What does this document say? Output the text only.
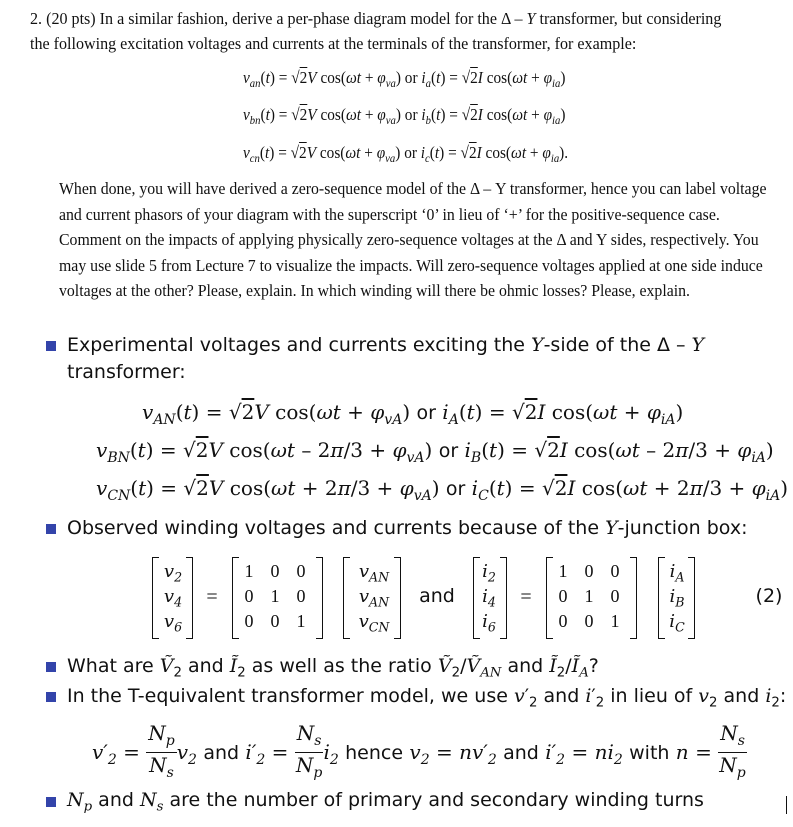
2. (20 pts) In a similar fashion, derive a per-phase diagram model for the Δ – Y transformer, but considering the following excitation voltages and currents at the terminals of the transformer, for example:
$v_{an}(t) = √2V$ $\cos(\omega t + \varphi_{va})$ or $i_a(t) = √2I$ $\cos(\omega t + \varphi_{ia})$
$v_{bn}(t) = √2V$ $\cos(\omega t + \varphi_{va})$ or $i_b(t) = √2I$ $\cos(\omega t + \varphi_{ia})$
$v_{cn}(t) = √2V$ $\cos(\omega t + \varphi_{va})$ or $i_c(t) = √2I$ $\cos(\omega t + \varphi_{ia})$.
When done, you will have derived a zero-sequence model of the Δ – Y transformer, hence you can label voltage and current phasors of your diagram with the superscript ‘0’ in lieu of ‘+’ for the positive-sequence case. Comment on the impacts of applying physically zero-sequence voltages at the Δ and Y sides, respectively. You may use slide 5 from Lecture 7 to visualize the impacts. Will zero-sequence voltages applied at one side induce voltages at the other? Please, explain. In which winding will there be ohmic losses? Please, explain.
Experimental voltages and currents exciting the Y-side of the Δ – Y
transformer:
$v_{AN}(t) = √2V$ $\cos(\omega t + \varphi_{vA})$ or $i_A(t) = √2I$ $\cos(\omega t + \varphi_{iA})$
$v_{BN}(t) = √2V$ $\cos(\omega t - 2\pi/3 + \varphi_{vA})$ or $i_B(t) = √2I$ $\cos(\omega t - 2\pi/3 + \varphi_{iA})$
$v_{CN}(t) = √2V$ $\cos(\omega t + 2\pi/3 + \varphi_{vA})$ or $i_C(t) = √2I$ $\cos(\omega t + 2\pi/3 + \varphi_{iA})$
Observed winding voltages and currents because of the Y-junction box:
$v_2$
$v_4$
$v_6$
=
1 0 0
0 1 0
0 0 1
$v_{AN}$
$v_{AN}$
$v_{CN}$
and
$i_2$
$i_4$
$i_6$
=
1 0 0
0 1 0
0 0 1
$i_A$
$i_B$
$i_C$
(2)
What are Ṽ$_2$ and $Ĩ_2$ as well as the ratio Ṽ$_2$/Ṽ$_{AN}$ and $Ĩ_2/Ĩ_A$?
In the T-equivalent transformer model, we use $v'_2$ and $i'_2$ in lieu of $v_2$ and $i_2$:
$v'_2 = \frac{N_p}{N_s} v_2$ and $i'_2 = \frac{N_s}{N_p} i_2$ hence $v_2 = nv'_2$ and $i'_2 = ni_2$ with $n = \frac{N_s}{N_p}$
$N_p$ and $N_s$ are the number of primary and secondary winding turns
